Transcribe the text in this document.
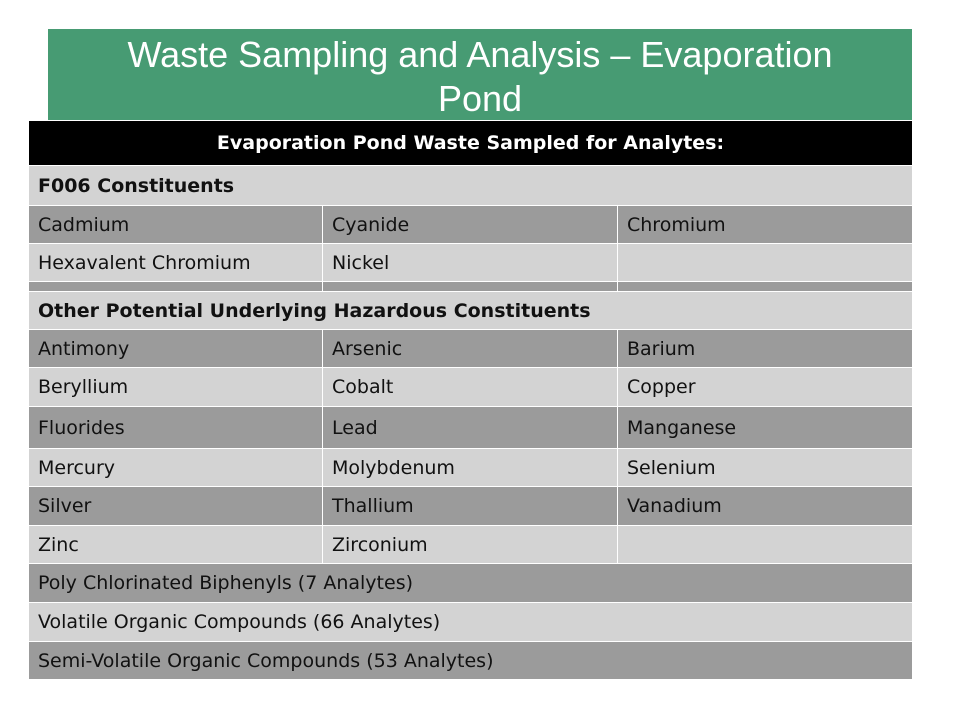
Waste Sampling and Analysis – Evaporation
Pond
Evaporation Pond Waste Sampled for Analytes:
F006 Constituents
Cadmium	Cyanide	Chromium
Hexavalent Chromium	Nickel
Other Potential Underlying Hazardous Constituents
Antimony	Arsenic	Barium
Beryllium	Cobalt	Copper
Fluorides	Lead	Manganese
Mercury	Molybdenum	Selenium
Silver	Thallium	Vanadium
Zinc	Zirconium
Poly Chlorinated Biphenyls (7 Analytes)
Volatile Organic Compounds (66 Analytes)
Semi-Volatile Organic Compounds (53 Analytes)
